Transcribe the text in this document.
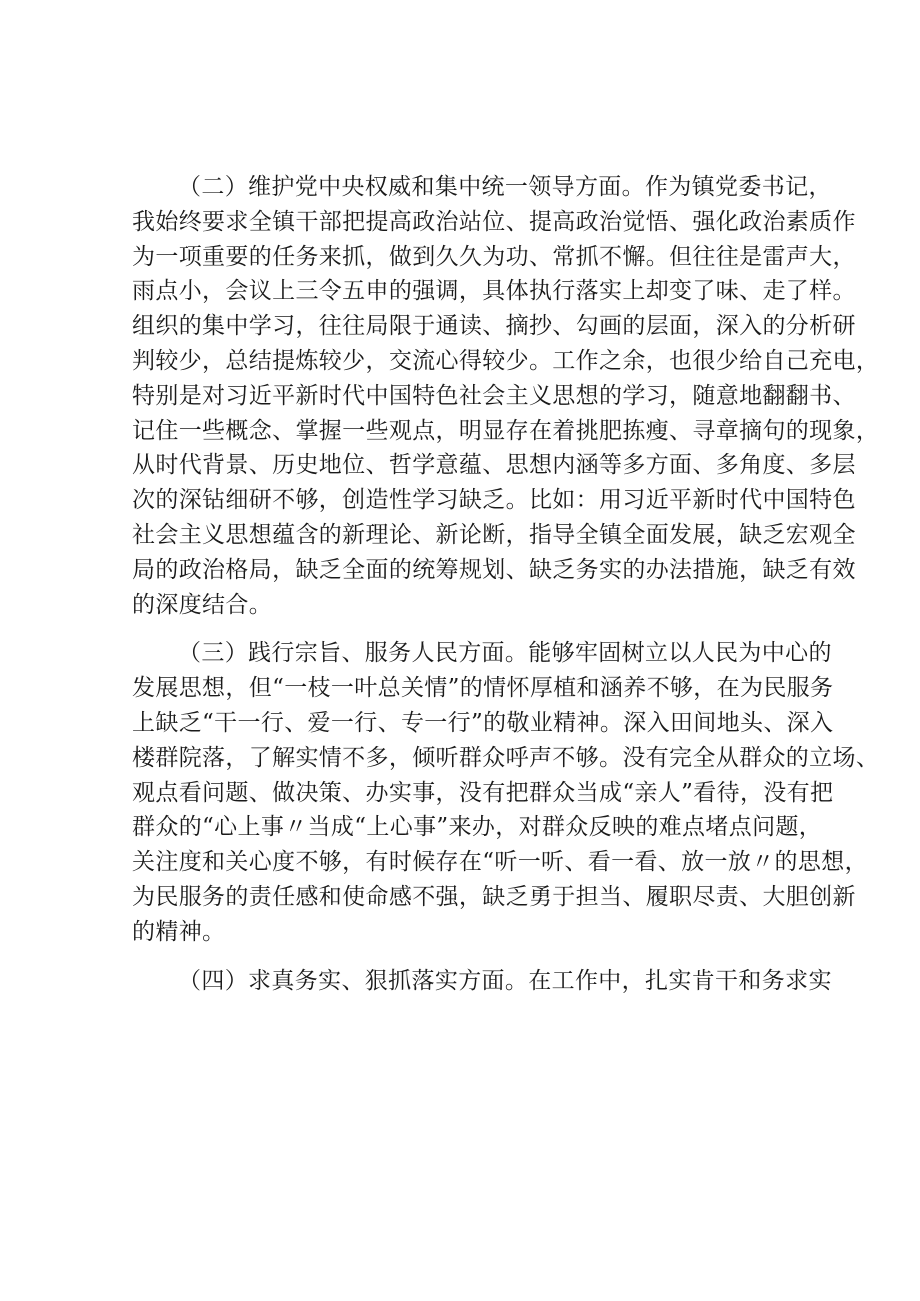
（二）维护党中央权威和集中统一领导方面。作为镇党委书记，
我始终要求全镇干部把提高政治站位、提高政治觉悟、强化政治素质作
为一项重要的任务来抓，做到久久为功、常抓不懈。但往往是雷声大，
雨点小，会议上三令五申的强调，具体执行落实上却变了味、走了样。
组织的集中学习，往往局限于通读、摘抄、勾画的层面，深入的分析研
判较少，总结提炼较少，交流心得较少。工作之余，也很少给自己充电，
特别是对习近平新时代中国特色社会主义思想的学习，随意地翻翻书、
记住一些概念、掌握一些观点，明显存在着挑肥拣瘦、寻章摘句的现象，
从时代背景、历史地位、哲学意蕴、思想内涵等多方面、多角度、多层
次的深钻细研不够，创造性学习缺乏。比如：用习近平新时代中国特色
社会主义思想蕴含的新理论、新论断，指导全镇全面发展，缺乏宏观全
局的政治格局，缺乏全面的统筹规划、缺乏务实的办法措施，缺乏有效
的深度结合。

（三）践行宗旨、服务人民方面。能够牢固树立以人民为中心的
发展思想，但“一枝一叶总关情”的情怀厚植和涵养不够，在为民服务
上缺乏“干一行、爱一行、专一行”的敬业精神。深入田间地头、深入
楼群院落，了解实情不多，倾听群众呼声不够。没有完全从群众的立场、
观点看问题、做决策、办实事，没有把群众当成“亲人”看待，没有把
群众的“心上事〃当成“上心事”来办，对群众反映的难点堵点问题，
关注度和关心度不够，有时候存在“听一听、看一看、放一放〃的思想，
为民服务的责任感和使命感不强，缺乏勇于担当、履职尽责、大胆创新
的精神。

（四）求真务实、狠抓落实方面。在工作中，扎实肯干和务求实
